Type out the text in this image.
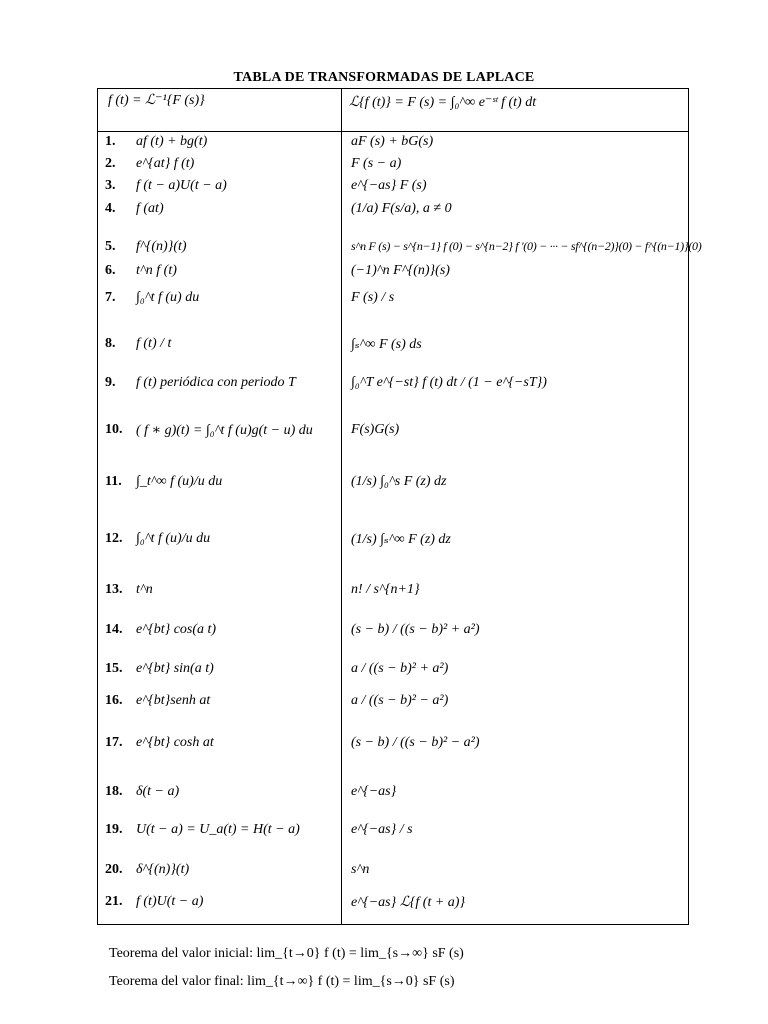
TABLA DE TRANSFORMADAS DE LAPLACE
f (t) = ℒ⁻¹{F (s)}	ℒ{f (t)} = F (s) = ∫₀^∞ e⁻ˢᵗ f (t) dt
1.	af (t) + bg(t)	aF (s) + bG(s)
2.	e^{at} f (t)	F (s − a)
3.	f (t − a)U(t − a)	e^{−as} F (s)
4.	f (at)	(1/a) F(s/a), a ≠ 0
5.	f^{(n)}(t)	s^n F (s) − s^{n−1} f (0) − s^{n−2} f '(0) − ··· − sf^{(n−2)}(0) − f^{(n−1)}(0)
6.	t^n f (t)	(−1)^n F^{(n)}(s)
7.	∫₀^t f (u) du	F (s) / s
8.	f (t) / t	∫ₛ^∞ F (s) ds
9.	f (t) periódica con periodo T	∫₀^T e^{−st} f (t) dt / (1 − e^{−sT})
10. ( f ∗ g)(t) = ∫₀^t f (u)g(t − u) du	F(s)G(s)
11.	∫_t^∞ f (u)/u du	(1/s) ∫₀^s F (z) dz
12. ∫₀^t f (u)/u du	(1/s) ∫ₛ^∞ F (z) dz
13. t^n	n! / s^{n+1}
14. e^{bt} cos(a t)	(s − b) / ((s − b)² + a²)
15. e^{bt} sin(a t)	a / ((s − b)² + a²)
16. e^{bt}senh at	a / ((s − b)² − a²)
17. e^{bt} cosh at	(s − b) / ((s − b)² − a²)
18. δ(t − a)	e^{−as}
19. U(t − a) = U_a(t) = H(t − a)	e^{−as} / s
20. δ^{(n)}(t)	s^n
21. f (t)U(t − a)	e^{−as} ℒ{f (t + a)}
Teorema del valor inicial: lim_{t→0} f (t) = lim_{s→∞} sF (s)
Teorema del valor final: lim_{t→∞} f (t) = lim_{s→0} sF (s)
